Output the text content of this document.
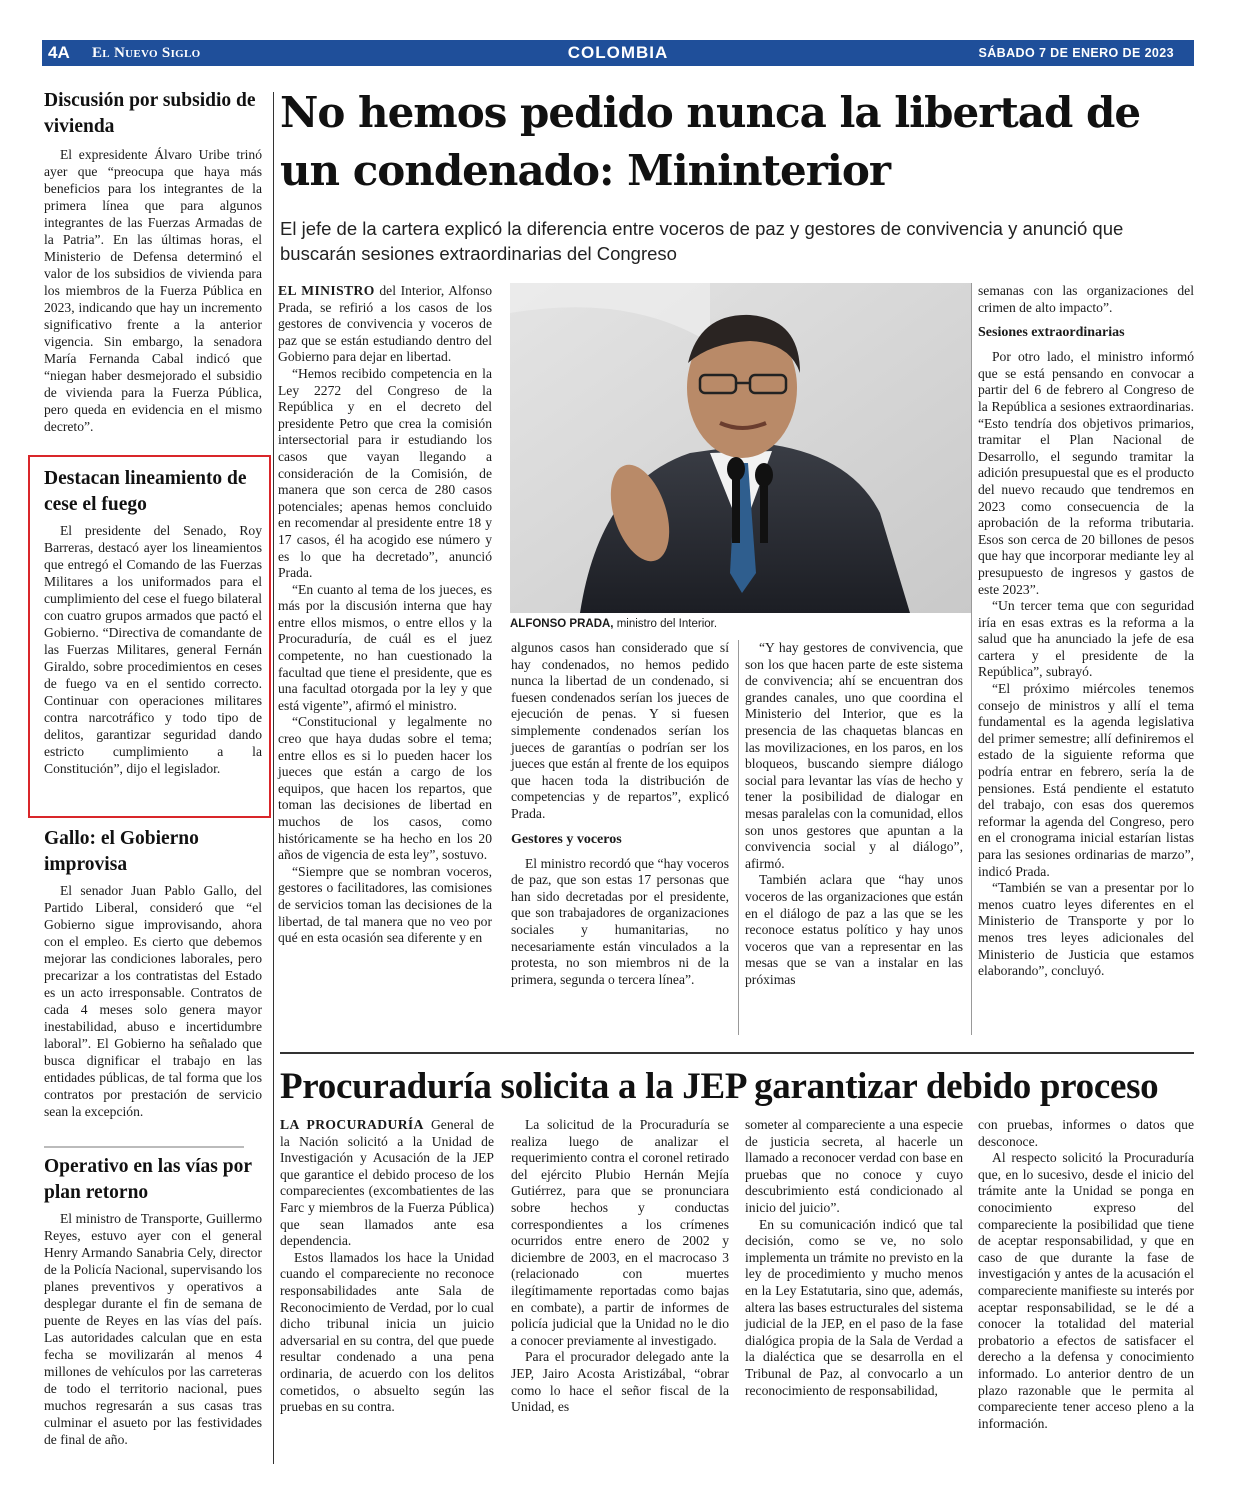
4A El Nuevo Siglo	COLOMBIA	SÁBADO 7 DE ENERO DE 2023
Discusión por subsidio de vivienda

El expresidente Álvaro Uribe trinó ayer que “preocupa que haya más beneficios para los integrantes de la primera línea que para algunos integrantes de las Fuerzas Armadas de la Patria”. En las últimas horas, el Ministerio de Defensa determinó el valor de los subsidios de vivienda para los miembros de la Fuerza Pública en 2023, indicando que hay un incremento significativo frente a la anterior vigencia. Sin embargo, la senadora María Fernanda Cabal indicó que “niegan haber desmejorado el subsidio de vivienda para la Fuerza Pública, pero queda en evidencia en el mismo decreto”.

Destacan lineamiento de cese el fuego

El presidente del Senado, Roy Barreras, destacó ayer los lineamientos que entregó el Comando de las Fuerzas Militares a los uniformados para el cumplimiento del cese el fuego bilateral con cuatro grupos armados que pactó el Gobierno. “Directiva de comandante de las Fuerzas Militares, general Fernán Giraldo, sobre procedimientos en ceses de fuego va en el sentido correcto. Continuar con operaciones militares contra narcotráfico y todo tipo de delitos, garantizar seguridad dando estricto cumplimiento a la Constitución”, dijo el legislador.

Gallo: el Gobierno improvisa

El senador Juan Pablo Gallo, del Partido Liberal, consideró que “el Gobierno sigue improvisando, ahora con el empleo. Es cierto que debemos mejorar las condiciones laborales, pero precarizar a los contratistas del Estado es un acto irresponsable. Contratos de cada 4 meses solo genera mayor inestabilidad, abuso e incertidumbre laboral”. El Gobierno ha señalado que busca dignificar el trabajo en las entidades públicas, de tal forma que los contratos por prestación de servicio sean la excepción.

Operativo en las vías por plan retorno

El ministro de Transporte, Guillermo Reyes, estuvo ayer con el general Henry Armando Sanabria Cely, director de la Policía Nacional, supervisando los planes preventivos y operativos a desplegar durante el fin de semana de puente de Reyes en las vías del país. Las autoridades calculan que en esta fecha se movilizarán al menos 4 millones de vehículos por las carreteras de todo el territorio nacional, pues muchos regresarán a sus casas tras culminar el asueto por las festividades de final de año.

No hemos pedido nunca la libertad de un condenado: Mininterior
El jefe de la cartera explicó la diferencia entre voceros de paz y gestores de convivencia y anunció que buscarán sesiones extraordinarias del Congreso

EL MINISTRO del Interior, Alfonso Prada, se refirió a los casos de los gestores de convivencia y voceros de paz que se están estudiando dentro del Gobierno para dejar en libertad.

“Hemos recibido competencia en la Ley 2272 del Congreso de la República y en el decreto del presidente Petro que crea la comisión intersectorial para ir estudiando los casos que vayan llegando a consideración de la Comisión, de manera que son cerca de 280 casos potenciales; apenas hemos concluido en recomendar al presidente entre 18 y 17 casos, él ha acogido ese número y es lo que ha decretado”, anunció Prada.

“En cuanto al tema de los jueces, es más por la discusión interna que hay entre ellos mismos, o entre ellos y la Procuraduría, de cuál es el juez competente, no han cuestionado la facultad que tiene el presidente, que es una facultad otorgada por la ley y que está vigente”, afirmó el ministro.

“Constitucional y legalmente no creo que haya dudas sobre el tema; entre ellos es si lo pueden hacer los jueces que están a cargo de los equipos, que hacen los repartos, que toman las decisiones de libertad en muchos de los casos, como históricamente se ha hecho en los 20 años de vigencia de esta ley”, sostuvo.

“Siempre que se nombran voceros, gestores o facilitadores, las comisiones de servicios toman las decisiones de la libertad, de tal manera que no veo por qué en esta ocasión sea diferente y en

ALFONSO PRADA, ministro del Interior.

algunos casos han considerado que sí hay condenados, no hemos pedido nunca la libertad de un condenado, si fuesen condenados serían los jueces de ejecución de penas. Y si fuesen simplemente condenados serían los jueces de garantías o podrían ser los jueces que están al frente de los equipos que hacen toda la distribución de competencias y de repartos”, explicó Prada.

Gestores y voceros

El ministro recordó que “hay voceros de paz, que son estas 17 personas que han sido decretadas por el presidente, que son trabajadores de organizaciones sociales y humanitarias, no necesariamente están vinculados a la protesta, no son miembros ni de la primera, segunda o tercera línea”.

“Y hay gestores de convivencia, que son los que hacen parte de este sistema de convivencia; ahí se encuentran dos grandes canales, uno que coordina el Ministerio del Interior, que es la presencia de las chaquetas blancas en las movilizaciones, en los paros, en los bloqueos, buscando siempre diálogo social para levantar las vías de hecho y tener la posibilidad de dialogar en mesas paralelas con la comunidad, ellos son unos gestores que apuntan a la convivencia social y al diálogo”, afirmó.

También aclara que “hay unos voceros de las organizaciones que están en el diálogo de paz a las que se les reconoce estatus político y hay unos voceros que van a representar en las mesas que se van a instalar en las próximas

semanas con las organizaciones del crimen de alto impacto”.

Sesiones extraordinarias

Por otro lado, el ministro informó que se está pensando en convocar a partir del 6 de febrero al Congreso de la República a sesiones extraordinarias. “Esto tendría dos objetivos primarios, tramitar el Plan Nacional de Desarrollo, el segundo tramitar la adición presupuestal que es el producto del nuevo recaudo que tendremos en 2023 como consecuencia de la aprobación de la reforma tributaria. Esos son cerca de 20 billones de pesos que hay que incorporar mediante ley al presupuesto de ingresos y gastos de este 2023”.

“Un tercer tema que con seguridad iría en esas extras es la reforma a la salud que ha anunciado la jefe de esa cartera y el presidente de la República”, subrayó.

“El próximo miércoles tenemos consejo de ministros y allí el tema fundamental es la agenda legislativa del primer semestre; allí definiremos el estado de la siguiente reforma que podría entrar en febrero, sería la de pensiones. Está pendiente el estatuto del trabajo, con esas dos queremos reformar la agenda del Congreso, pero en el cronograma inicial estarían listas para las sesiones ordinarias de marzo”, indicó Prada.

“También se van a presentar por lo menos cuatro leyes diferentes en el Ministerio de Transporte y por lo menos tres leyes adicionales del Ministerio de Justicia que estamos elaborando”, concluyó.

Procuraduría solicita a la JEP garantizar debido proceso

LA PROCURADURÍA General de la Nación solicitó a la Unidad de Investigación y Acusación de la JEP que garantice el debido proceso de los comparecientes (excombatientes de las Farc y miembros de la Fuerza Pública) que sean llamados ante esa dependencia.

Estos llamados los hace la Unidad cuando el compareciente no reconoce responsabilidades ante Sala de Reconocimiento de Verdad, por lo cual dicho tribunal inicia un juicio adversarial en su contra, del que puede resultar condenado a una pena ordinaria, de acuerdo con los delitos cometidos, o absuelto según las pruebas en su contra.

La solicitud de la Procuraduría se realiza luego de analizar el requerimiento contra el coronel retirado del ejército Plubio Hernán Mejía Gutiérrez, para que se pronunciara sobre hechos y conductas correspondientes a los crímenes ocurridos entre enero de 2002 y diciembre de 2003, en el macrocaso 3 (relacionado con muertes ilegítimamente reportadas como bajas en combate), a partir de informes de policía judicial que la Unidad no le dio a conocer previamente al investigado.

Para el procurador delegado ante la JEP, Jairo Acosta Aristizábal, “obrar como lo hace el señor fiscal de la Unidad, es

someter al compareciente a una especie de justicia secreta, al hacerle un llamado a reconocer verdad con base en pruebas que no conoce y cuyo descubrimiento está condicionado al inicio del juicio”.

En su comunicación indicó que tal decisión, como se ve, no solo implementa un trámite no previsto en la ley de procedimiento y mucho menos en la Ley Estatutaria, sino que, además, altera las bases estructurales del sistema judicial de la JEP, en el paso de la fase dialógica propia de la Sala de Verdad a la dialéctica que se desarrolla en el Tribunal de Paz, al convocarlo a un reconocimiento de responsabilidad,

con pruebas, informes o datos que desconoce.

Al respecto solicitó la Procuraduría que, en lo sucesivo, desde el inicio del trámite ante la Unidad se ponga en conocimiento expreso del compareciente la posibilidad que tiene de aceptar responsabilidad, y que en caso de que durante la fase de investigación y antes de la acusación el compareciente manifieste su interés por aceptar responsabilidad, se le dé a conocer la totalidad del material probatorio a efectos de satisfacer el derecho a la defensa y conocimiento informado. Lo anterior dentro de un plazo razonable que le permita al compareciente tener acceso pleno a la información.
